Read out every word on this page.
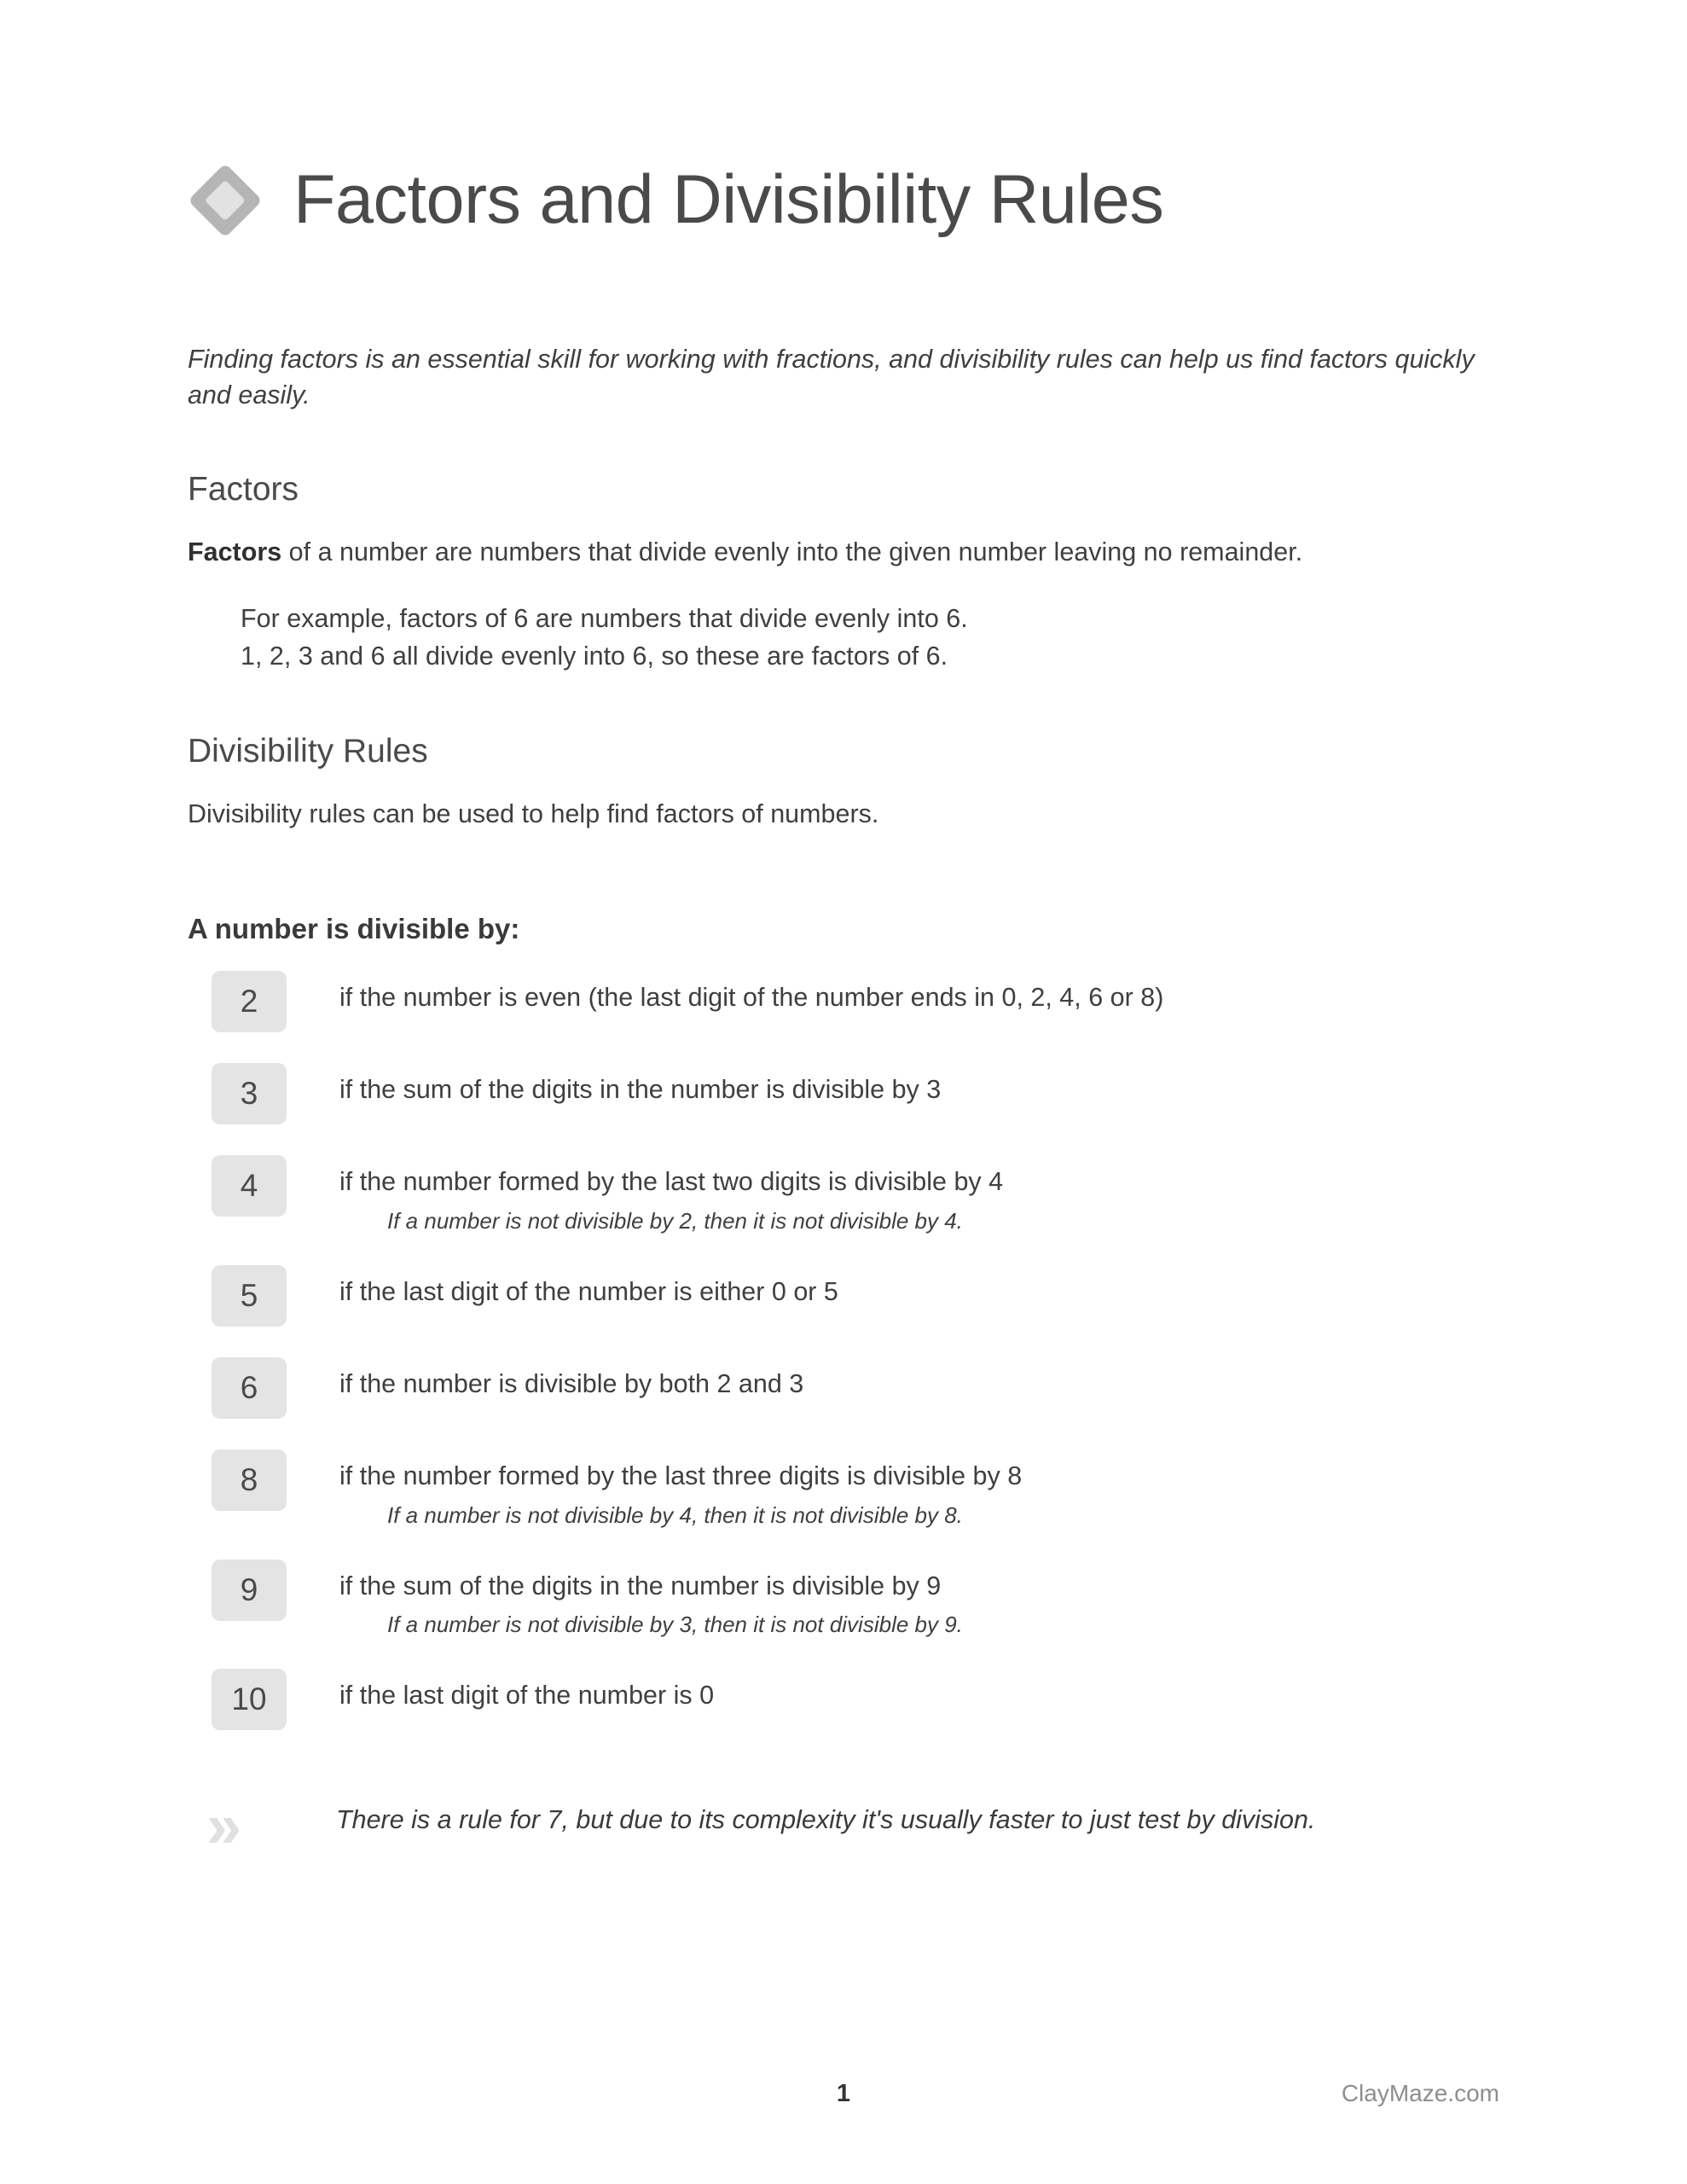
Factors and Divisibility Rules

Finding factors is an essential skill for working with fractions, and divisibility rules can help us find factors quickly and easily.

Factors

Factors of a number are numbers that divide evenly into the given number leaving no remainder.

For example, factors of 6 are numbers that divide evenly into 6.
1, 2, 3 and 6 all divide evenly into 6, so these are factors of 6.
Divisibility Rules

Divisibility rules can be used to help find factors of numbers.

A number is divisible by:
2	if the number is even (the last digit of the number ends in 0, 2, 4, 6 or 8)
3	if the sum of the digits in the number is divisible by 3
4	if the number formed by the last two digits is divisible by 4
If a number is not divisible by 2, then it is not divisible by 4.
5	if the last digit of the number is either 0 or 5
6	if the number is divisible by both 2 and 3
8	if the number formed by the last three digits is divisible by 8
If a number is not divisible by 4, then it is not divisible by 8.
9	if the sum of the digits in the number is divisible by 9
If a number is not divisible by 3, then it is not divisible by 9.
10	if the last digit of the number is 0
»	There is a rule for 7, but due to its complexity it's usually faster to just test by division.
1	ClayMaze.com
